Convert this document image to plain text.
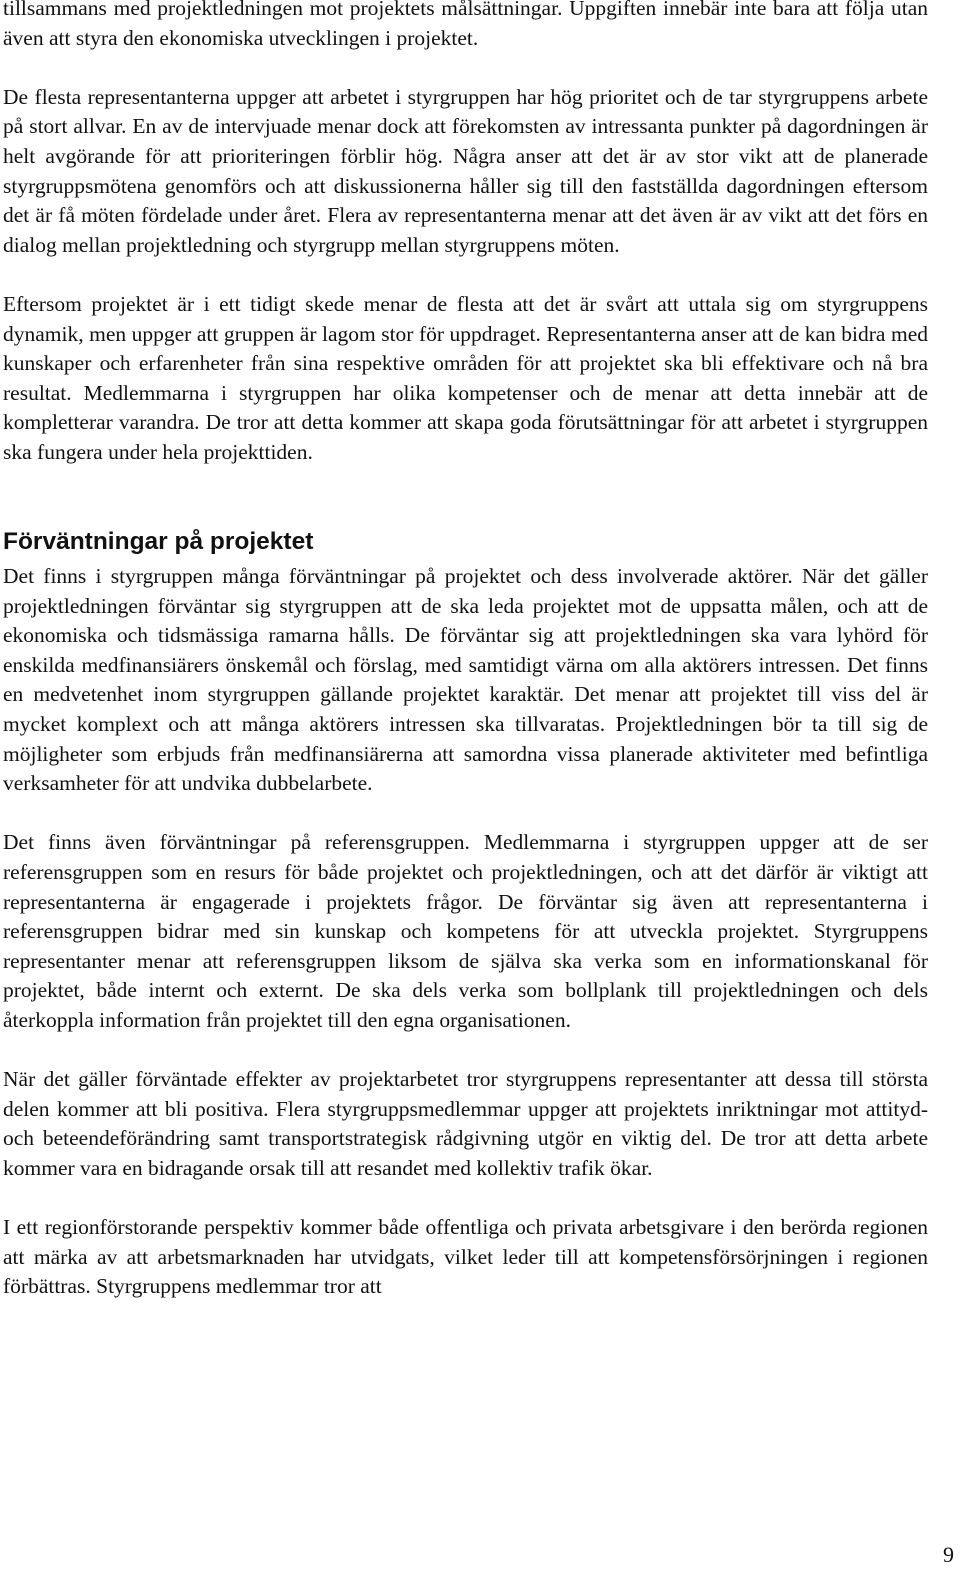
tillsammans med projektledningen mot projektets målsättningar. Uppgiften innebär inte bara att följa utan även att styra den ekonomiska utvecklingen i projektet.

De flesta representanterna uppger att arbetet i styrgruppen har hög prioritet och de tar styrgruppens arbete på stort allvar. En av de intervjuade menar dock att förekomsten av intressanta punkter på dagordningen är helt avgörande för att prioriteringen förblir hög. Några anser att det är av stor vikt att de planerade styrgruppsmötena genomförs och att diskussionerna håller sig till den fastställda dagordningen eftersom det är få möten fördelade under året. Flera av representanterna menar att det även är av vikt att det förs en dialog mellan projektledning och styrgrupp mellan styrgruppens möten.

Eftersom projektet är i ett tidigt skede menar de flesta att det är svårt att uttala sig om styrgruppens dynamik, men uppger att gruppen är lagom stor för uppdraget. Representanterna anser att de kan bidra med kunskaper och erfarenheter från sina respektive områden för att projektet ska bli effektivare och nå bra resultat. Medlemmarna i styrgruppen har olika kompetenser och de menar att detta innebär att de kompletterar varandra. De tror att detta kommer att skapa goda förutsättningar för att arbetet i styrgruppen ska fungera under hela projekttiden.

Förväntningar på projektet

Det finns i styrgruppen många förväntningar på projektet och dess involverade aktörer. När det gäller projektledningen förväntar sig styrgruppen att de ska leda projektet mot de uppsatta målen, och att de ekonomiska och tidsmässiga ramarna hålls. De förväntar sig att projektledningen ska vara lyhörd för enskilda medfinansiärers önskemål och förslag, med samtidigt värna om alla aktörers intressen. Det finns en medvetenhet inom styrgruppen gällande projektet karaktär. Det menar att projektet till viss del är mycket komplext och att många aktörers intressen ska tillvaratas. Projektledningen bör ta till sig de möjligheter som erbjuds från medfinansiärerna att samordna vissa planerade aktiviteter med befintliga verksamheter för att undvika dubbelarbete.

Det finns även förväntningar på referensgruppen. Medlemmarna i styrgruppen uppger att de ser referensgruppen som en resurs för både projektet och projektledningen, och att det därför är viktigt att representanterna är engagerade i projektets frågor. De förväntar sig även att representanterna i referensgruppen bidrar med sin kunskap och kompetens för att utveckla projektet. Styrgruppens representanter menar att referensgruppen liksom de själva ska verka som en informationskanal för projektet, både internt och externt. De ska dels verka som bollplank till projektledningen och dels återkoppla information från projektet till den egna organisationen.

När det gäller förväntade effekter av projektarbetet tror styrgruppens representanter att dessa till största delen kommer att bli positiva. Flera styrgruppsmedlemmar uppger att projektets inriktningar mot attityd- och beteendeförändring samt transportstrategisk rådgivning utgör en viktig del. De tror att detta arbete kommer vara en bidragande orsak till att resandet med kollektiv trafik ökar.

I ett regionförstorande perspektiv kommer både offentliga och privata arbetsgivare i den berörda regionen att märka av att arbetsmarknaden har utvidgats, vilket leder till att kompetensförsörjningen i regionen förbättras. Styrgruppens medlemmar tror att

9
